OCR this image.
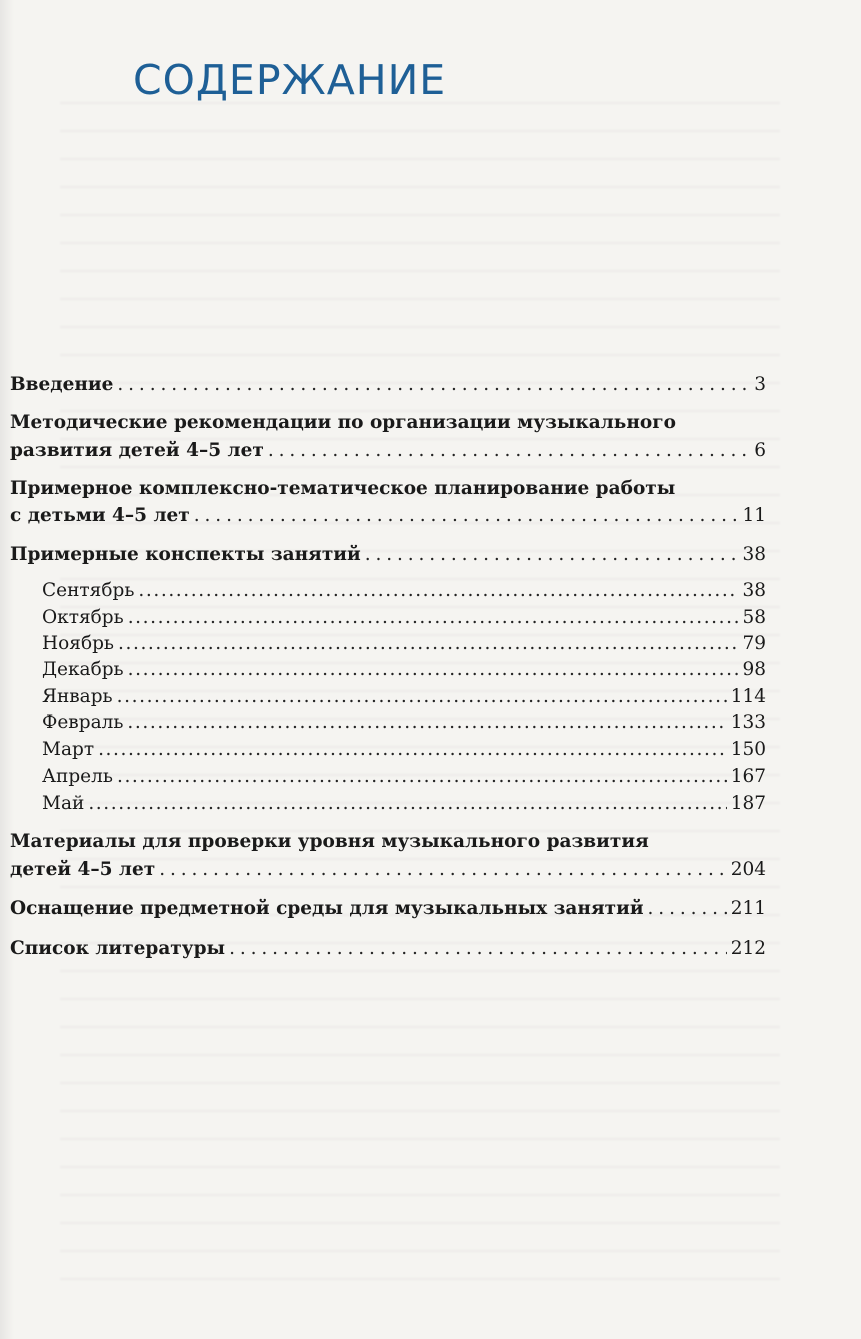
СОДЕРЖАНИЕ
Введение . . .	3
Методические рекомендации по организации музыкального
развития детей 4–5 лет . . .	6
Примерное комплексно-тематическое планирование работы
с детьми 4–5 лет . . .	11
Примерные конспекты занятий . . .	38
Сентябрь .....	38
Октябрь .....	58
Ноябрь .....	79
Декабрь .....	98
Январь .....	114
Февраль .....	133
Март .....	150
Апрель .....	167
Май .....	187
Материалы для проверки уровня музыкального развития
детей 4–5 лет . . .	204
Оснащение предметной среды для музыкальных занятий . . .	211
Список литературы . . .	212
